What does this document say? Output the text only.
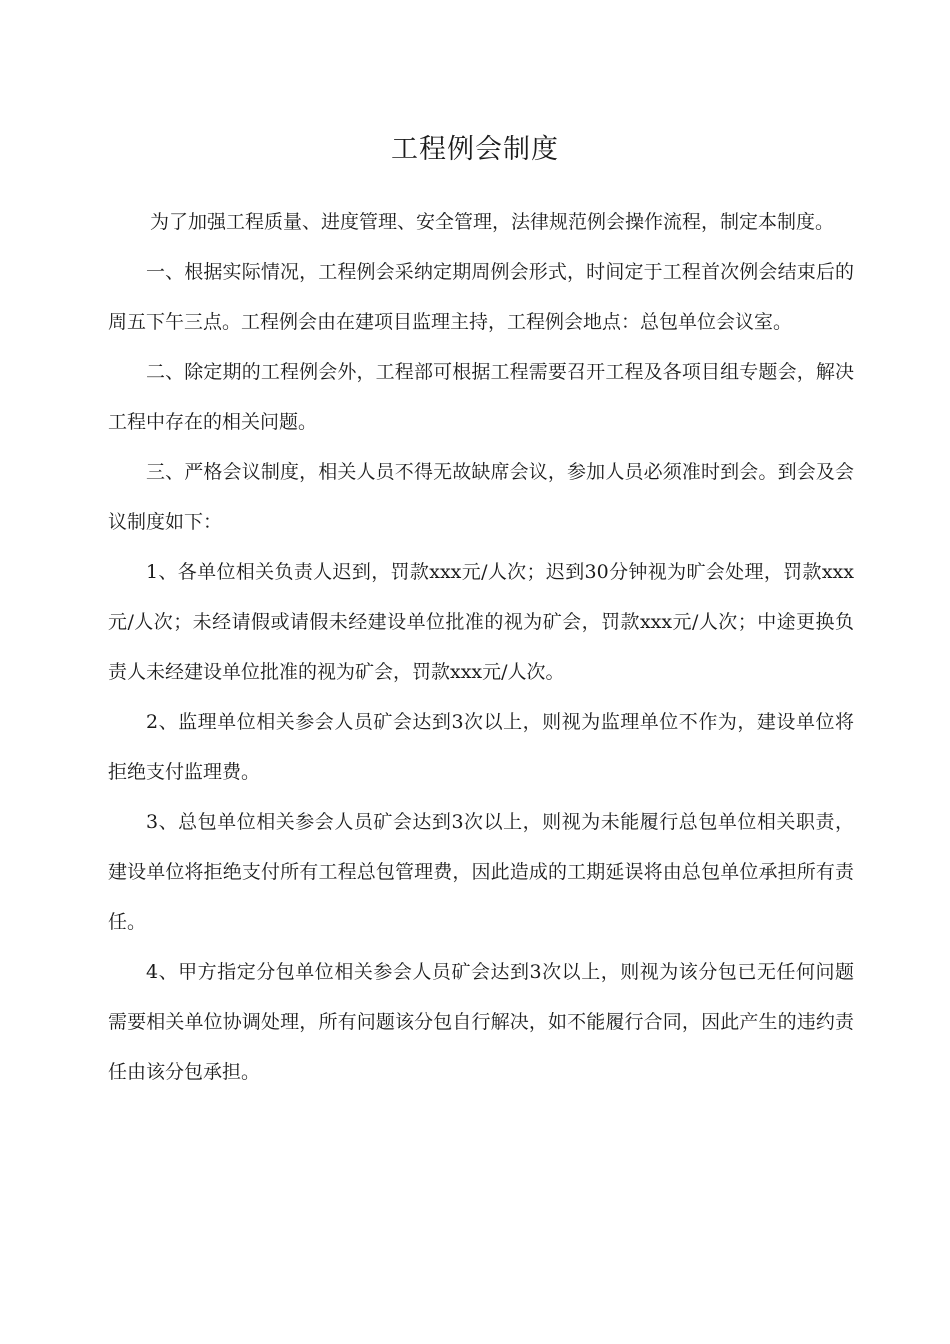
工程例会制度

为了加强工程质量、进度管理、安全管理，法律规范例会操作流程，制定本制度。

一、根据实际情况，工程例会采纳定期周例会形式，时间定于工程首次例会结束后的周五下午三点。工程例会由在建项目监理主持，工程例会地点：总包单位会议室。

二、除定期的工程例会外，工程部可根据工程需要召开工程及各项目组专题会，解决工程中存在的相关问题。

三、严格会议制度，相关人员不得无故缺席会议，参加人员必须准时到会。到会及会议制度如下：

1、各单位相关负责人迟到，罚款xxx元/人次；迟到30分钟视为旷会处理，罚款xxx元/人次；未经请假或请假未经建设单位批准的视为矿会，罚款xxx元/人次；中途更换负责人未经建设单位批准的视为矿会，罚款xxx元/人次。

2、监理单位相关参会人员矿会达到3次以上，则视为监理单位不作为，建设单位将拒绝支付监理费。

3、总包单位相关参会人员矿会达到3次以上，则视为未能履行总包单位相关职责，建设单位将拒绝支付所有工程总包管理费，因此造成的工期延误将由总包单位承担所有责任。

4、甲方指定分包单位相关参会人员矿会达到3次以上，则视为该分包已无任何问题需要相关单位协调处理，所有问题该分包自行解决，如不能履行合同，因此产生的违约责任由该分包承担。
